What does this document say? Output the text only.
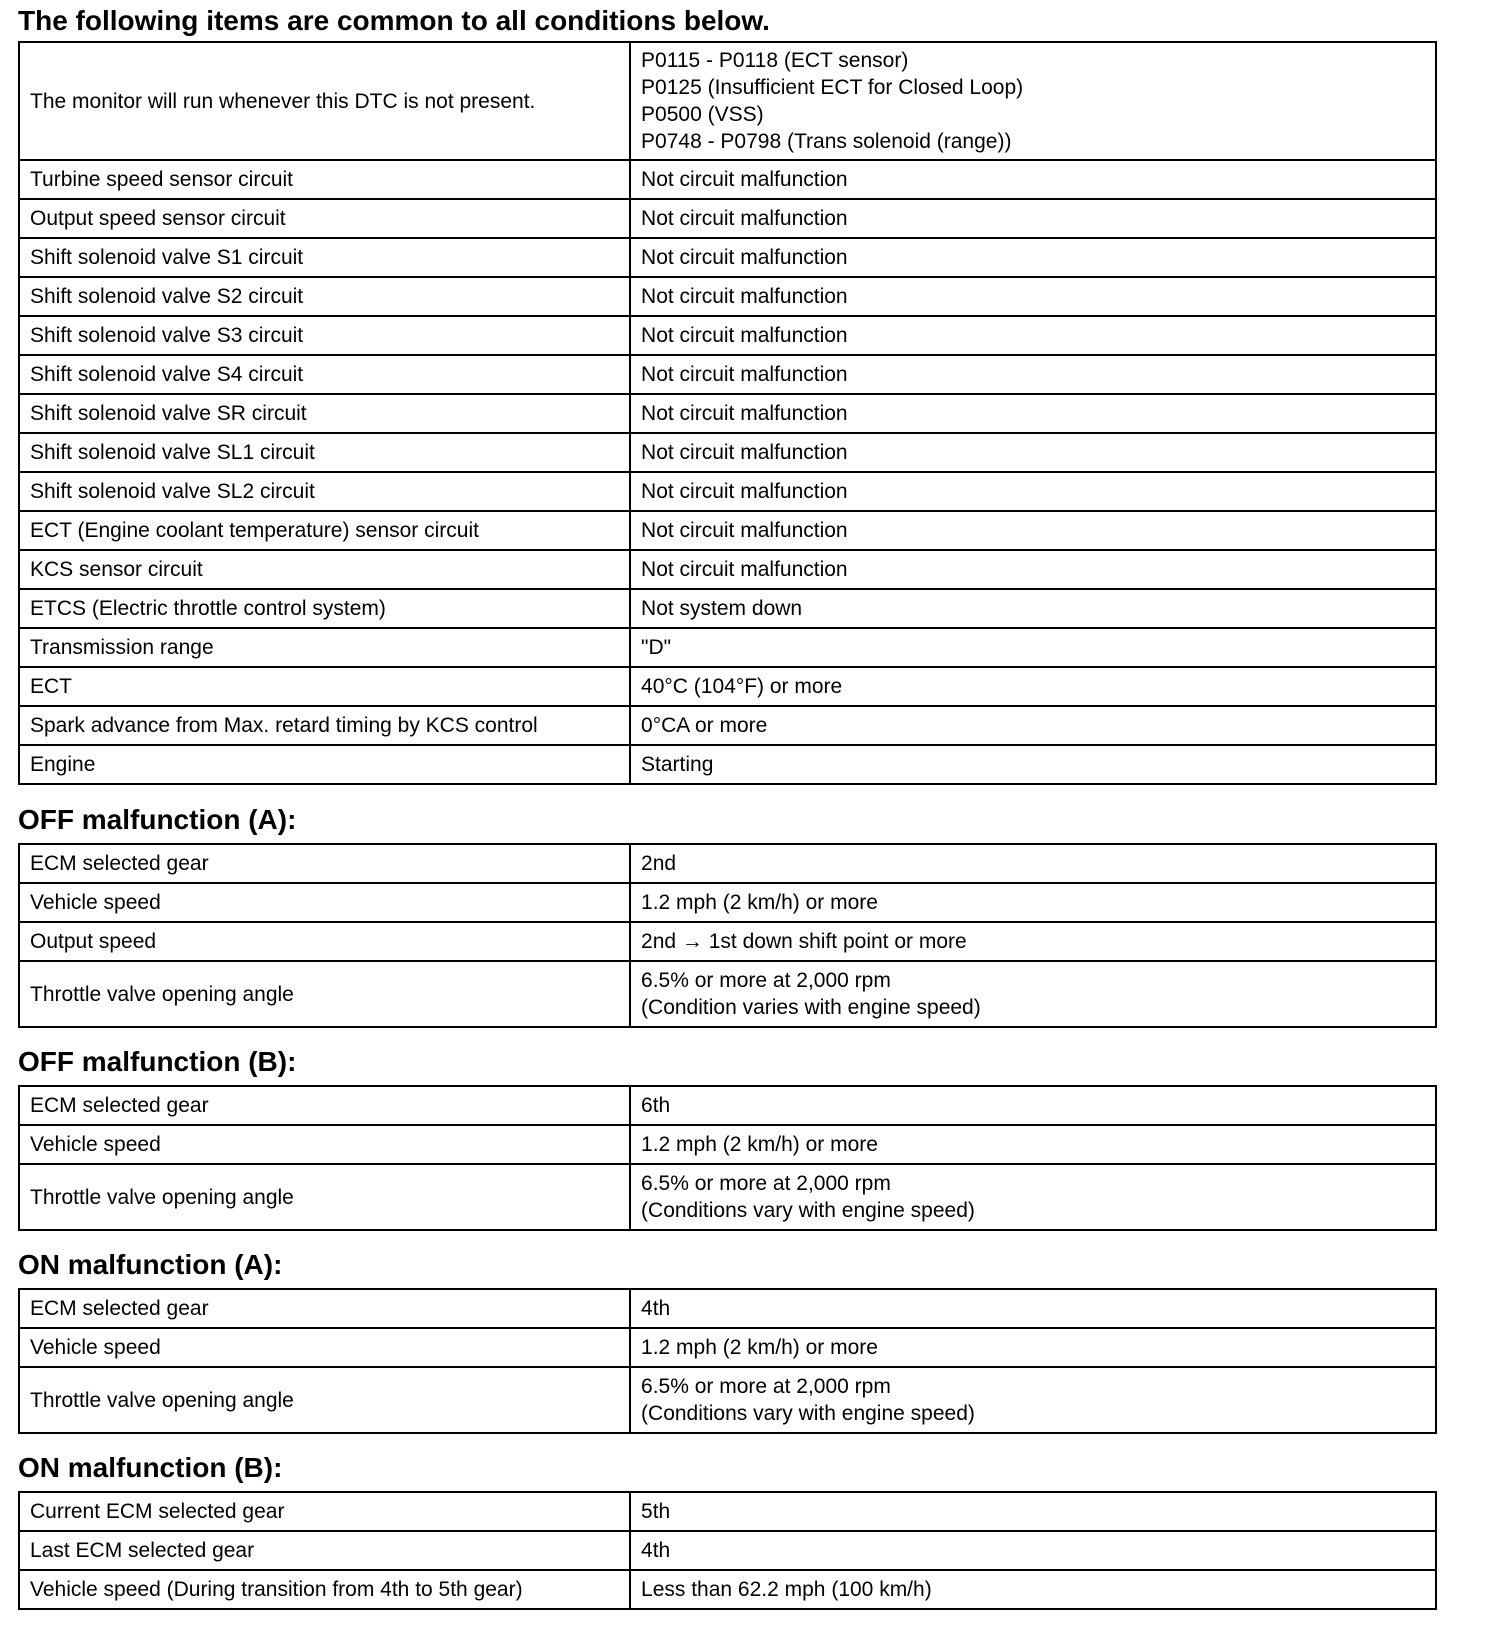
The following items are common to all conditions below.
The monitor will run whenever this DTC is not present.	P0115 - P0118 (ECT sensor)
P0125 (Insufficient ECT for Closed Loop)
P0500 (VSS)
P0748 - P0798 (Trans solenoid (range))

Turbine speed sensor circuit	Not circuit malfunction
Output speed sensor circuit	Not circuit malfunction
Shift solenoid valve S1 circuit	Not circuit malfunction
Shift solenoid valve S2 circuit	Not circuit malfunction
Shift solenoid valve S3 circuit	Not circuit malfunction
Shift solenoid valve S4 circuit	Not circuit malfunction
Shift solenoid valve SR circuit	Not circuit malfunction
Shift solenoid valve SL1 circuit	Not circuit malfunction
Shift solenoid valve SL2 circuit	Not circuit malfunction
ECT (Engine coolant temperature) sensor circuit	Not circuit malfunction
KCS sensor circuit	Not circuit malfunction
ETCS (Electric throttle control system)	Not system down
Transmission range	"D"
ECT	40°C (104°F) or more
Spark advance from Max. retard timing by KCS control	0°CA or more
Engine	Starting
OFF malfunction (A):
ECM selected gear	2nd
Vehicle speed	1.2 mph (2 km/h) or more
Output speed	2nd → 1st down shift point or more
Throttle valve opening angle	6.5% or more at 2,000 rpm
(Condition varies with engine speed)
OFF malfunction (B):
ECM selected gear	6th
Vehicle speed	1.2 mph (2 km/h) or more
Throttle valve opening angle	6.5% or more at 2,000 rpm
(Conditions vary with engine speed)
ON malfunction (A):
ECM selected gear	4th
Vehicle speed	1.2 mph (2 km/h) or more
Throttle valve opening angle	6.5% or more at 2,000 rpm
(Conditions vary with engine speed)
ON malfunction (B):
Current ECM selected gear	5th
Last ECM selected gear	4th
Vehicle speed (During transition from 4th to 5th gear)	Less than 62.2 mph (100 km/h)
